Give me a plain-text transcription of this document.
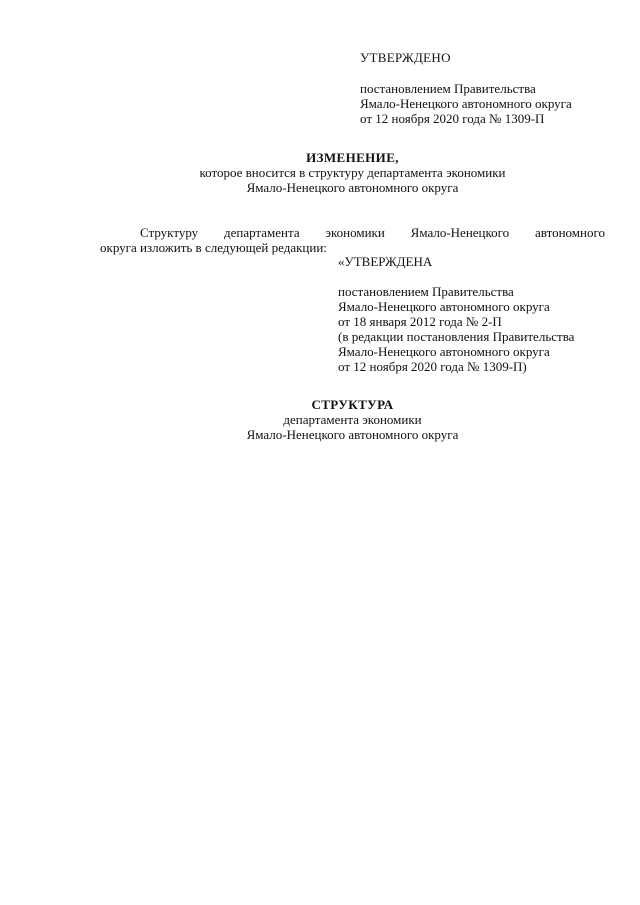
УТВЕРЖДЕНО
постановлением Правительства
Ямало-Ненецкого автономного округа
от 12 ноября 2020 года № 1309-П
ИЗМЕНЕНИЕ,
которое вносится в структуру департамента экономики
Ямало-Ненецкого автономного округа
Структуру департамента экономики Ямало-Ненецкого автономного
округа изложить в следующей редакции:
«УТВЕРЖДЕНА
постановлением Правительства
Ямало-Ненецкого автономного округа
от 18 января 2012 года № 2-П
(в редакции постановления Правительства
Ямало-Ненецкого автономного округа
от 12 ноября 2020 года № 1309-П)
СТРУКТУРА
департамента экономики
Ямало-Ненецкого автономного округа
